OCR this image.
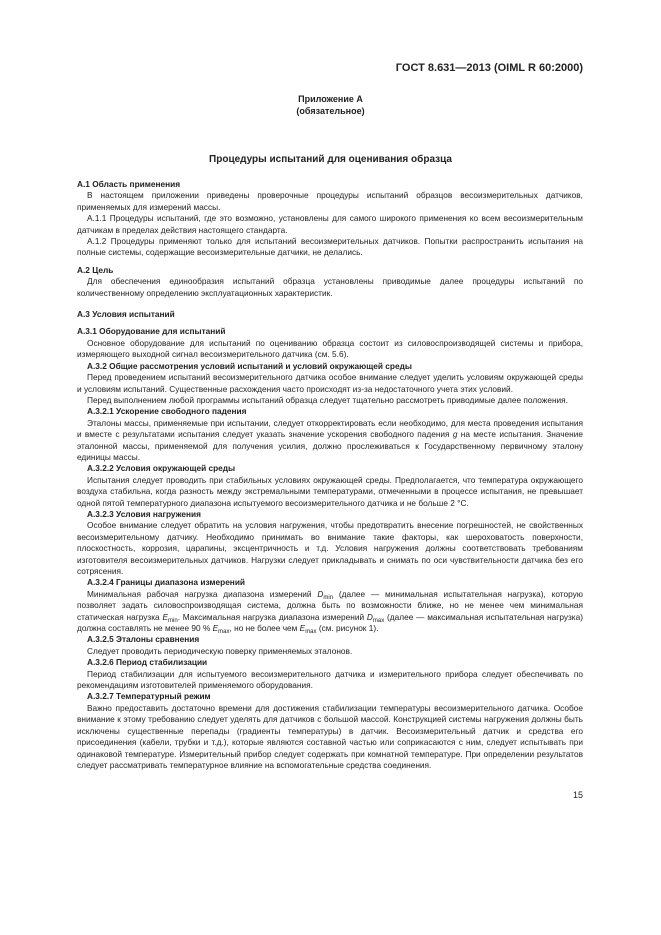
ГОСТ 8.631—2013 (OIML R 60:2000)
Приложение А
(обязательное)
Процедуры испытаний для оценивания образца

А.1 Область применения

В настоящем приложении приведены проверочные процедуры испытаний образцов весоизмерительных датчиков, применяемых для измерений массы.

А.1.1 Процедуры испытаний, где это возможно, установлены для самого широкого применения ко всем весоизмерительным датчикам в пределах действия настоящего стандарта.

А.1.2 Процедуры применяют только для испытаний весоизмерительных датчиков. Попытки распространить испытания на полные системы, содержащие весоизмерительные датчики, не делались.

А.2 Цель

Для обеспечения единообразия испытаний образца установлены приводимые далее процедуры испытаний по количественному определению эксплуатационных характеристик.

А.3 Условия испытаний

А.3.1 Оборудование для испытаний

Основное оборудование для испытаний по оцениванию образца состоит из силовоспроизводящей системы и прибора, измеряющего выходной сигнал весоизмерительного датчика (см. 5.6).

А.3.2 Общие рассмотрения условий испытаний и условий окружающей среды

Перед проведением испытаний весоизмерительного датчика особое внимание следует уделить условиям окружающей среды и условиям испытаний. Существенные расхождения часто происходят из-за недостаточного учета этих условий.

Перед выполнением любой программы испытаний образца следует тщательно рассмотреть приводимые далее положения.

А.3.2.1 Ускорение свободного падения

Эталоны массы, применяемые при испытании, следует откорректировать если необходимо, для места проведения испытания и вместе с результатами испытания следует указать значение ускорения свободного падения g на месте испытания. Значение эталонной массы, применяемой для получения усилия, должно прослеживаться к Государственному первичному эталону единицы массы.

А.3.2.2 Условия окружающей среды

Испытания следует проводить при стабильных условиях окружающей среды. Предполагается, что температура окружающего воздуха стабильна, когда разность между экстремальными температурами, отмеченными в процессе испытания, не превышает одной пятой температурного диапазона испытуемого весоизмерительного датчика и не больше 2 °С.

А.3.2.3 Условия нагружения

Особое внимание следует обратить на условия нагружения, чтобы предотвратить внесение погрешностей, не свойственных весоизмерительному датчику. Необходимо принимать во внимание такие факторы, как шероховатость поверхности, плоскостность, коррозия, царапины, эксцентричность и т.д. Условия нагружения должны соответствовать требованиям изготовителя весоизмерительных датчиков. Нагрузки следует прикладывать и снимать по оси чувствительности датчика без его сотрясения.

А.3.2.4 Границы диапазона измерений

Минимальная рабочая нагрузка диапазона измерений $D_{min}$ (далее — минимальная испытательная нагрузка), которую позволяет задать силовоспроизводящая система, должна быть по возможности ближе, но не менее чем минимальная статическая нагрузка $E_{min}$. Максимальная нагрузка диапазона измерений $D_{max}$ (далее — максимальная испытательная нагрузка) должна составлять не менее 90 % $E_{max}$, но не более чем $E_{max}$ (см. рисунок 1).

А.3.2.5 Эталоны сравнения

Следует проводить периодическую поверку применяемых эталонов.

А.3.2.6 Период стабилизации

Период стабилизации для испытуемого весоизмерительного датчика и измерительного прибора следует обеспечивать по рекомендациям изготовителей применяемого оборудования.

А.3.2.7 Температурный режим

Важно предоставить достаточно времени для достижения стабилизации температуры весоизмерительного датчика. Особое внимание к этому требованию следует уделять для датчиков с большой массой. Конструкцией системы нагружения должны быть исключены существенные перепады (градиенты температуры) в датчик. Весоизмерительный датчик и средства его присоединения (кабели, трубки и т.д.), которые являются составной частью или соприкасаются с ним, следует испытывать при одинаковой температуре. Измерительный прибор следует содержать при комнатной температуре. При определении результатов следует рассматривать температурное влияние на вспомогательные средства соединения.

15
